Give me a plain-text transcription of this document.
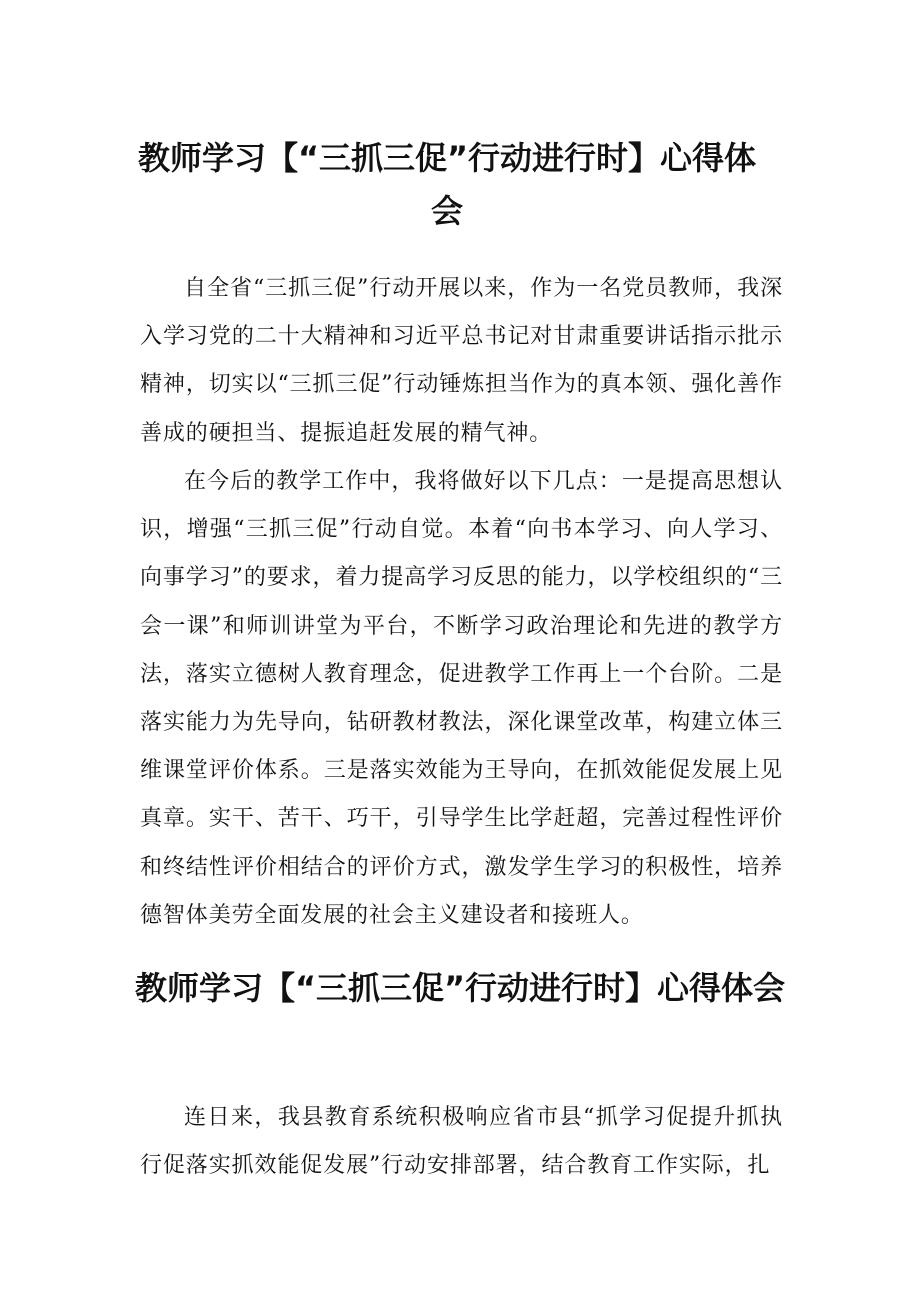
教师学习【“三抓三促”行动进行时】心得体会

自全省“三抓三促”行动开展以来，作为一名党员教师，我深入学习党的二十大精神和习近平总书记对甘肃重要讲话指示批示精神，切实以“三抓三促”行动锤炼担当作为的真本领、强化善作善成的硬担当、提振追赶发展的精气神。

在今后的教学工作中，我将做好以下几点：一是提高思想认识，增强“三抓三促”行动自觉。本着“向书本学习、向人学习、向事学习”的要求，着力提高学习反思的能力，以学校组织的“三会一课”和师训讲堂为平台，不断学习政治理论和先进的教学方法，落实立德树人教育理念，促进教学工作再上一个台阶。二是落实能力为先导向，钻研教材教法，深化课堂改革，构建立体三维课堂评价体系。三是落实效能为王导向，在抓效能促发展上见真章。实干、苦干、巧干，引导学生比学赶超，完善过程性评价和终结性评价相结合的评价方式，激发学生学习的积极性，培养德智体美劳全面发展的社会主义建设者和接班人。

教师学习【“三抓三促”行动进行时】心得体会

连日来，我县教育系统积极响应省市县“抓学习促提升抓执行促落实抓效能促发展”行动安排部署，结合教育工作实际，扎
